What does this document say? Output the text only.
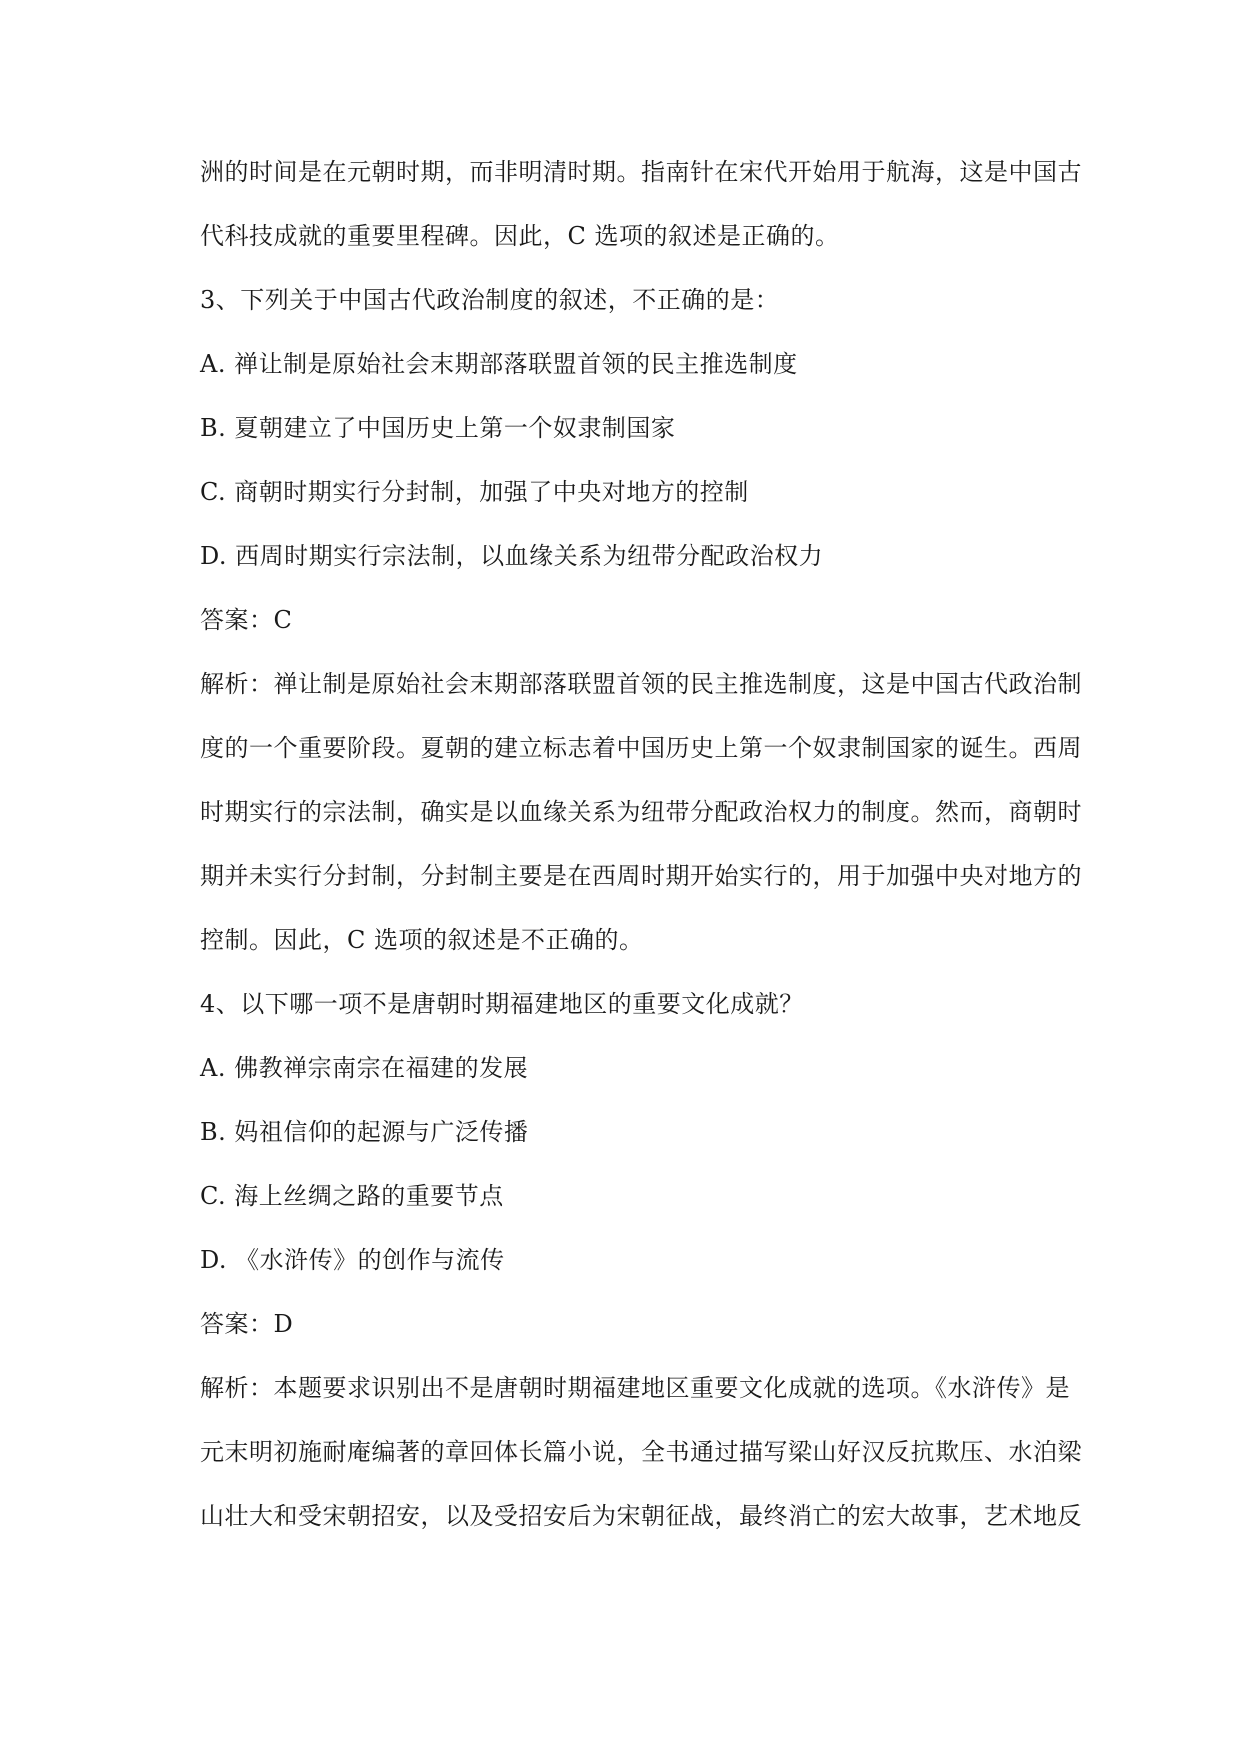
洲的时间是在元朝时期，而非明清时期。指南针在宋代开始用于航海，这是中国古
代科技成就的重要里程碑。因此，C 选项的叙述是正确的。
3、下列关于中国古代政治制度的叙述，不正确的是：
A. 禅让制是原始社会末期部落联盟首领的民主推选制度
B. 夏朝建立了中国历史上第一个奴隶制国家
C. 商朝时期实行分封制，加强了中央对地方的控制
D. 西周时期实行宗法制，以血缘关系为纽带分配政治权力
答案：C
解析：禅让制是原始社会末期部落联盟首领的民主推选制度，这是中国古代政治制
度的一个重要阶段。夏朝的建立标志着中国历史上第一个奴隶制国家的诞生。西周
时期实行的宗法制，确实是以血缘关系为纽带分配政治权力的制度。然而，商朝时
期并未实行分封制，分封制主要是在西周时期开始实行的，用于加强中央对地方的
控制。因此，C 选项的叙述是不正确的。
4、以下哪一项不是唐朝时期福建地区的重要文化成就？
A. 佛教禅宗南宗在福建的发展
B. 妈祖信仰的起源与广泛传播
C. 海上丝绸之路的重要节点
D. 《水浒传》的创作与流传
答案：D
解析：本题要求识别出不是唐朝时期福建地区重要文化成就的选项。《水浒传》是
元末明初施耐庵编著的章回体长篇小说，全书通过描写梁山好汉反抗欺压、水泊梁
山壮大和受宋朝招安，以及受招安后为宋朝征战，最终消亡的宏大故事，艺术地反
